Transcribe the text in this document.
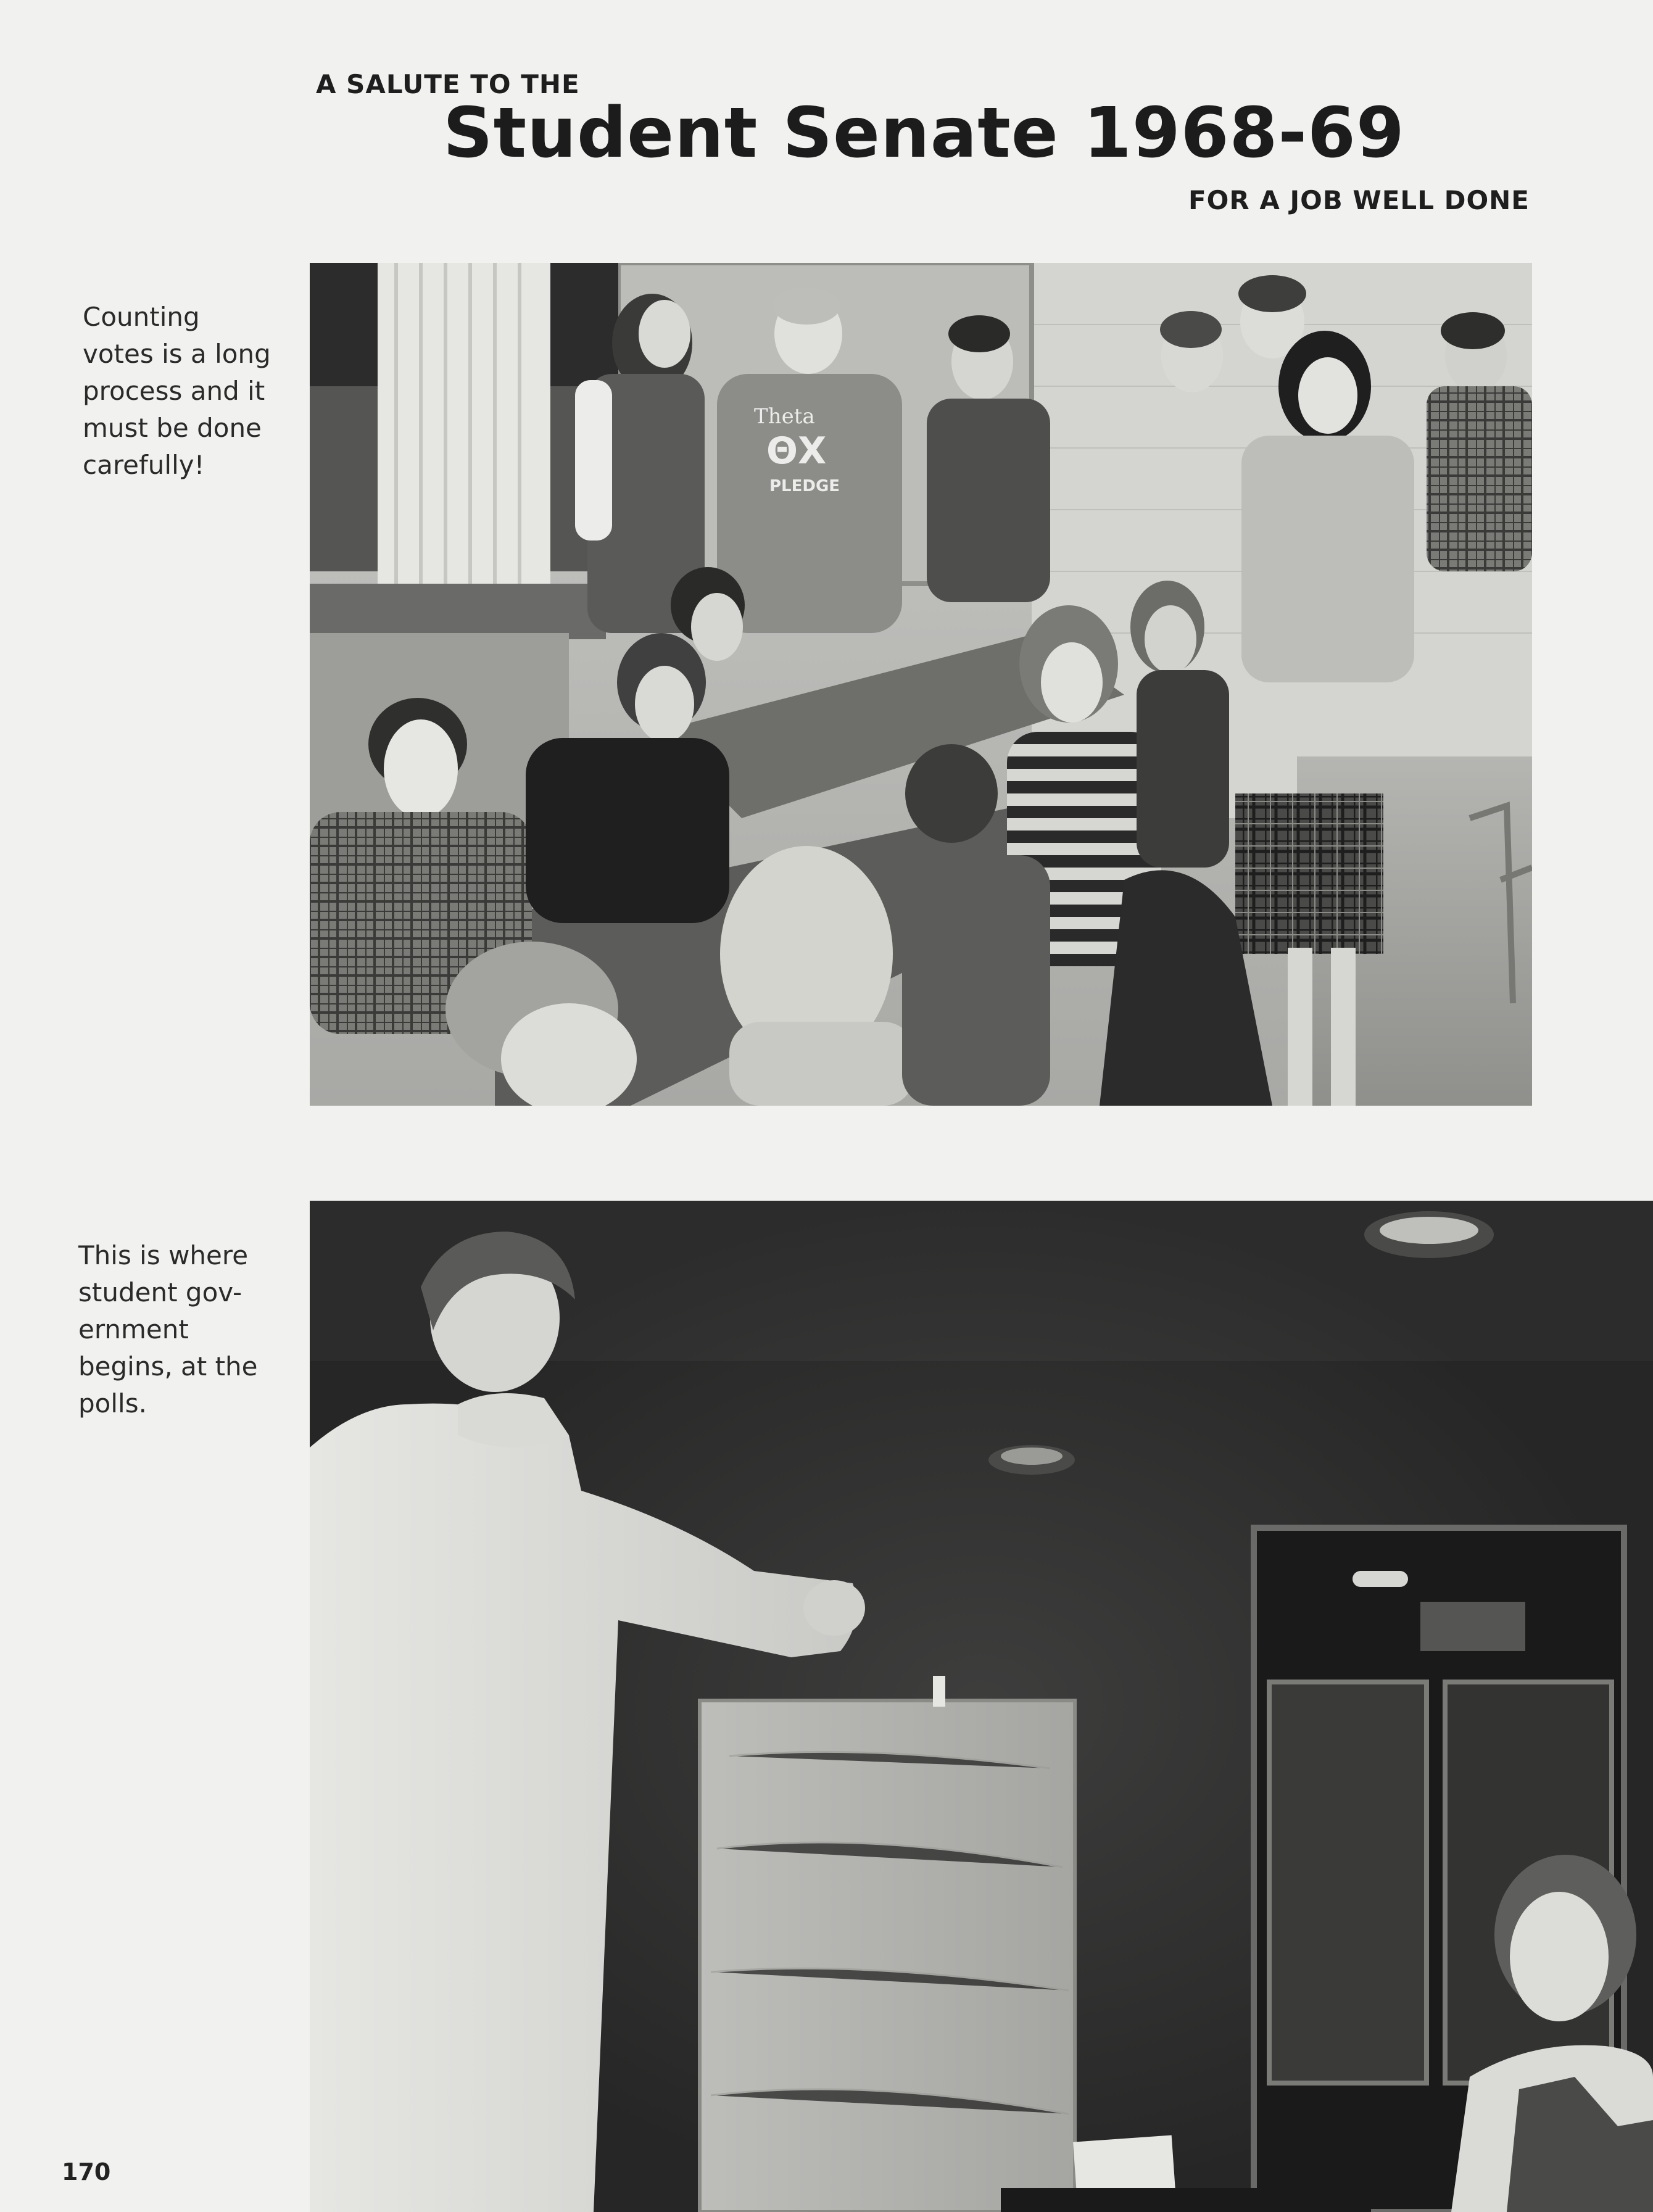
A SALUTE TO THE
Student Senate 1968-69
FOR A JOB WELL DONE
Counting
votes is a long
process and it
must be done
carefully!
Theta
ΘX
PLEDGE
This is where
student gov-
ernment
begins, at the
polls.
170
